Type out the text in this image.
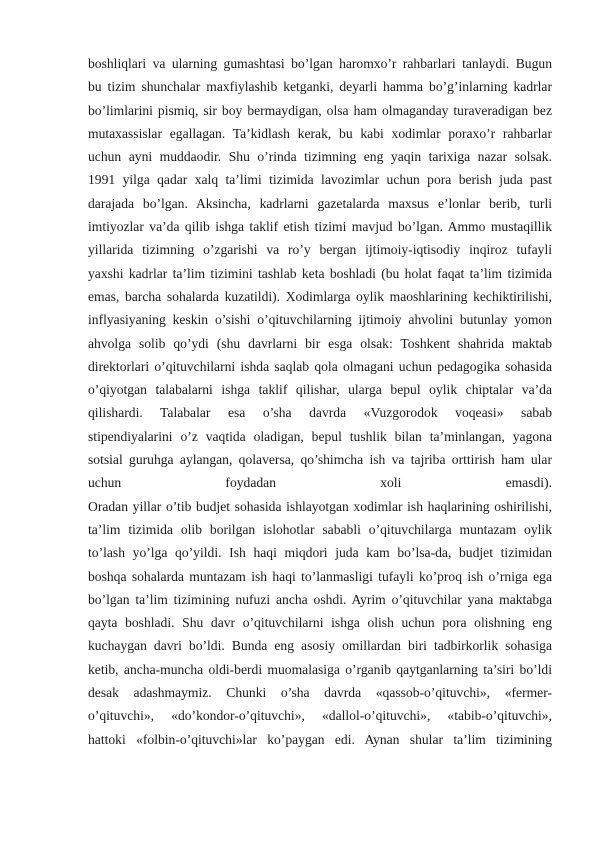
boshliqlari va ularning gumashtasi bo’lgan haromxo’r rahbarlari tanlaydi. Bugun
bu tizim shunchalar maxfiylashib ketganki, deyarli hamma bo’g’inlarning kadrlar
bo’limlarini pismiq, sir boy bermaydigan, olsa ham olmaganday turaveradigan bez
mutaxassislar egallagan. Ta’kidlash kerak, bu kabi xodimlar poraxo’r rahbarlar
uchun ayni muddaodir. Shu o’rinda tizimning eng yaqin tarixiga nazar solsak.
1991 yilga qadar xalq ta’limi tizimida lavozimlar uchun pora berish juda past
darajada bo’lgan. Aksincha, kadrlarni gazetalarda maxsus e’lonlar berib, turli
imtiyozlar va’da qilib ishga taklif etish tizimi mavjud bo’lgan. Ammo mustaqillik
yillarida tizimning o’zgarishi va ro’y bergan ijtimoiy-iqtisodiy inqiroz tufayli
yaxshi kadrlar ta’lim tizimini tashlab keta boshladi (bu holat faqat ta’lim tizimida
emas, barcha sohalarda kuzatildi). Xodimlarga oylik maoshlarining kechiktirilishi,
inflyasiyaning keskin o’sishi o’qituvchilarning ijtimoiy ahvolini butunlay yomon
ahvolga solib qo’ydi (shu davrlarni bir esga olsak: Toshkent shahrida maktab
direktorlari o’qituvchilarni ishda saqlab qola olmagani uchun pedagogika sohasida
o’qiyotgan talabalarni ishga taklif qilishar, ularga bepul oylik chiptalar va’da
qilishardi. Talabalar esa o’sha davrda «Vuzgorodok voqeasi» sabab
stipendiyalarini o’z vaqtida oladigan, bepul tushlik bilan ta’minlangan, yagona
sotsial guruhga aylangan, qolaversa, qo’shimcha ish va tajriba orttirish ham ular
uchun foydadan xoli emasdi).
Oradan yillar o’tib budjet sohasida ishlayotgan xodimlar ish haqlarining oshirilishi,
ta’lim tizimida olib borilgan islohotlar sababli o’qituvchilarga muntazam oylik
to’lash yo’lga qo’yildi. Ish haqi miqdori juda kam bo’lsa-da, budjet tizimidan
boshqa sohalarda muntazam ish haqi to’lanmasligi tufayli ko’proq ish o’rniga ega
bo’lgan ta’lim tizimining nufuzi ancha oshdi. Ayrim o’qituvchilar yana maktabga
qayta boshladi. Shu davr o’qituvchilarni ishga olish uchun pora olishning eng
kuchaygan davri bo’ldi. Bunda eng asosiy omillardan biri tadbirkorlik sohasiga
ketib, ancha-muncha oldi-berdi muomalasiga o’rganib qaytganlarning ta’siri bo’ldi
desak adashmaymiz. Chunki o’sha davrda «qassob-o’qituvchi», «fermer-
o’qituvchi», «do’kondor-o’qituvchi», «dallol-o’qituvchi», «tabib-o’qituvchi»,
hattoki «folbin-o’qituvchi»lar ko’paygan edi. Aynan shular ta’lim tizimining
